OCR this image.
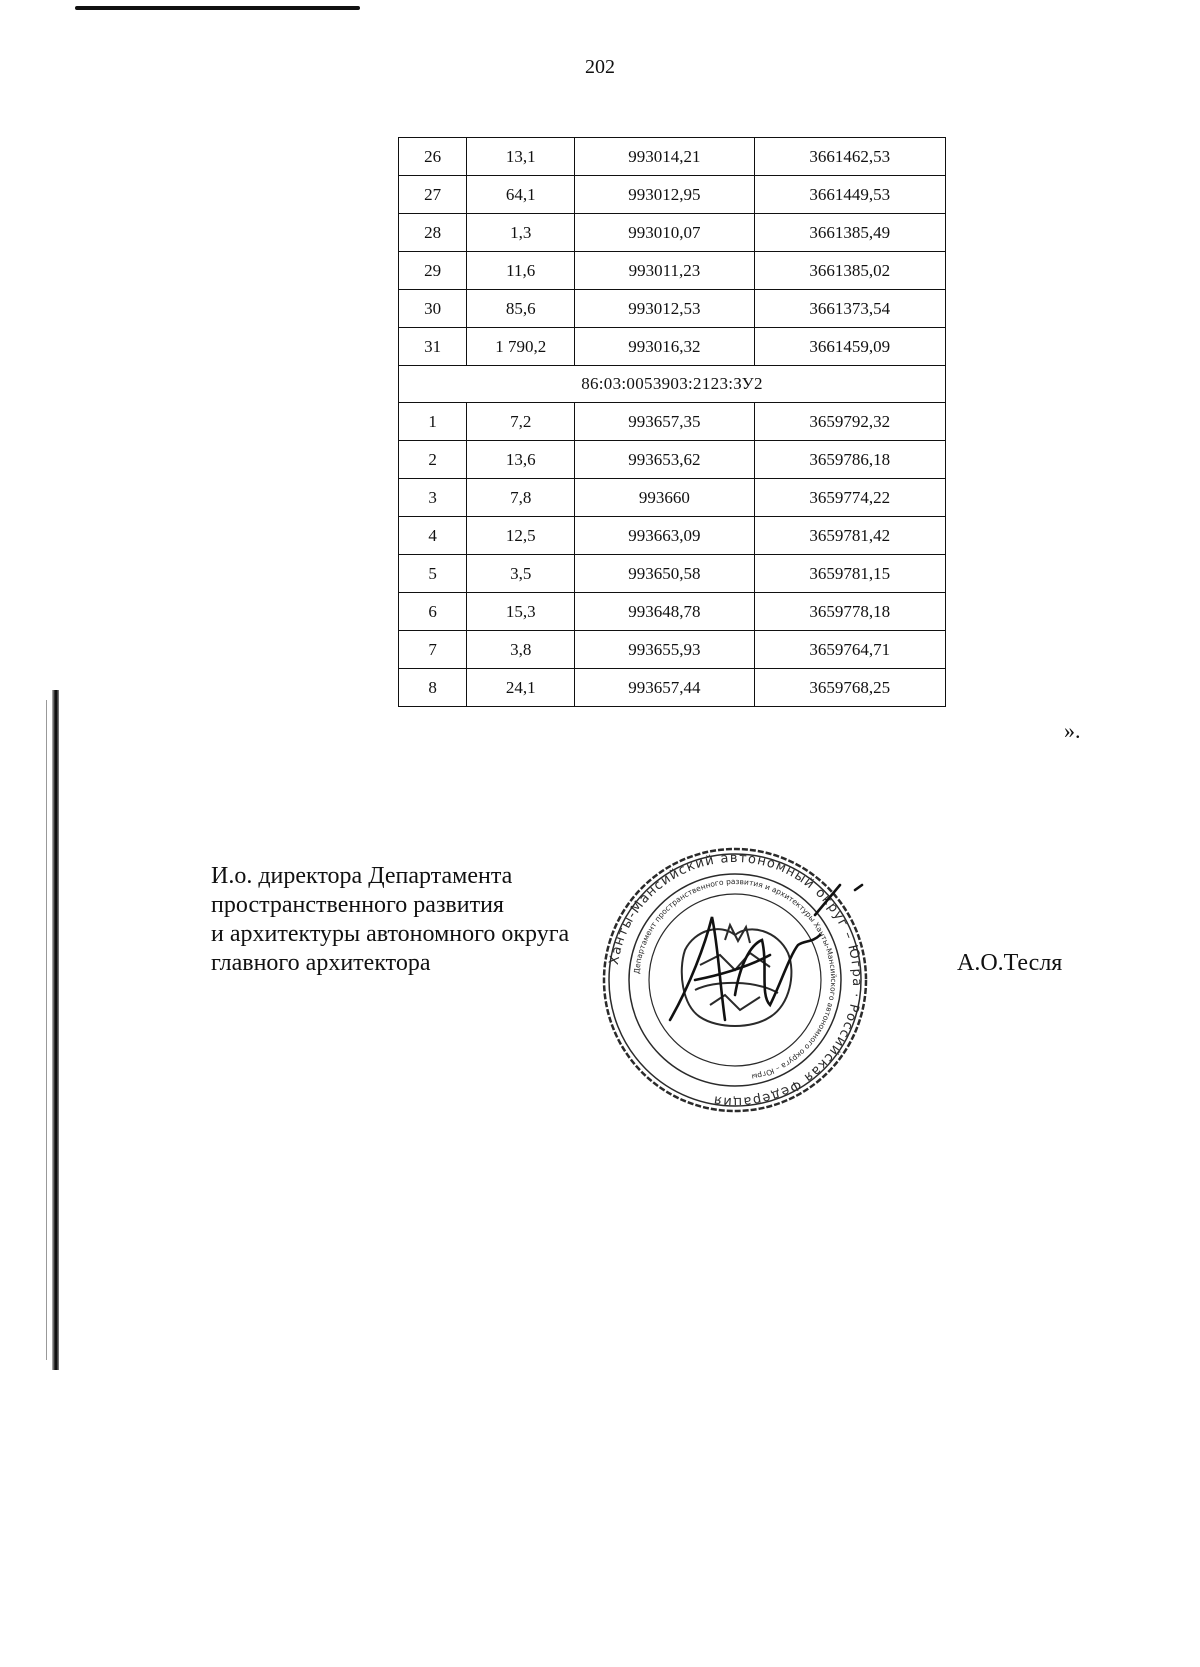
202
26	13,1	993014,21	3661462,53
27	64,1	993012,95	3661449,53
28	1,3	993010,07	3661385,49
29	11,6	993011,23	3661385,02
30	85,6	993012,53	3661373,54
31	1 790,2	993016,32	3661459,09
86:03:0053903:2123:ЗУ2			
1	7,2	993657,35	3659792,32
2	13,6	993653,62	3659786,18
3	7,8	993660	3659774,22
4	12,5	993663,09	3659781,42
5	3,5	993650,58	3659781,15
6	15,3	993648,78	3659778,18
7	3,8	993655,93	3659764,71
8	24,1	993657,44	3659768,25
».
И.о. директора Департамента
пространственного развития
и архитектуры автономного округа
главного архитектора	А.О.Тесля
Ханты-Мансийский автономный округ – Югра · Российская Федерация
Департамент пространственного развития и архитектуры Ханты-Мансийского автономного округа – Югры
